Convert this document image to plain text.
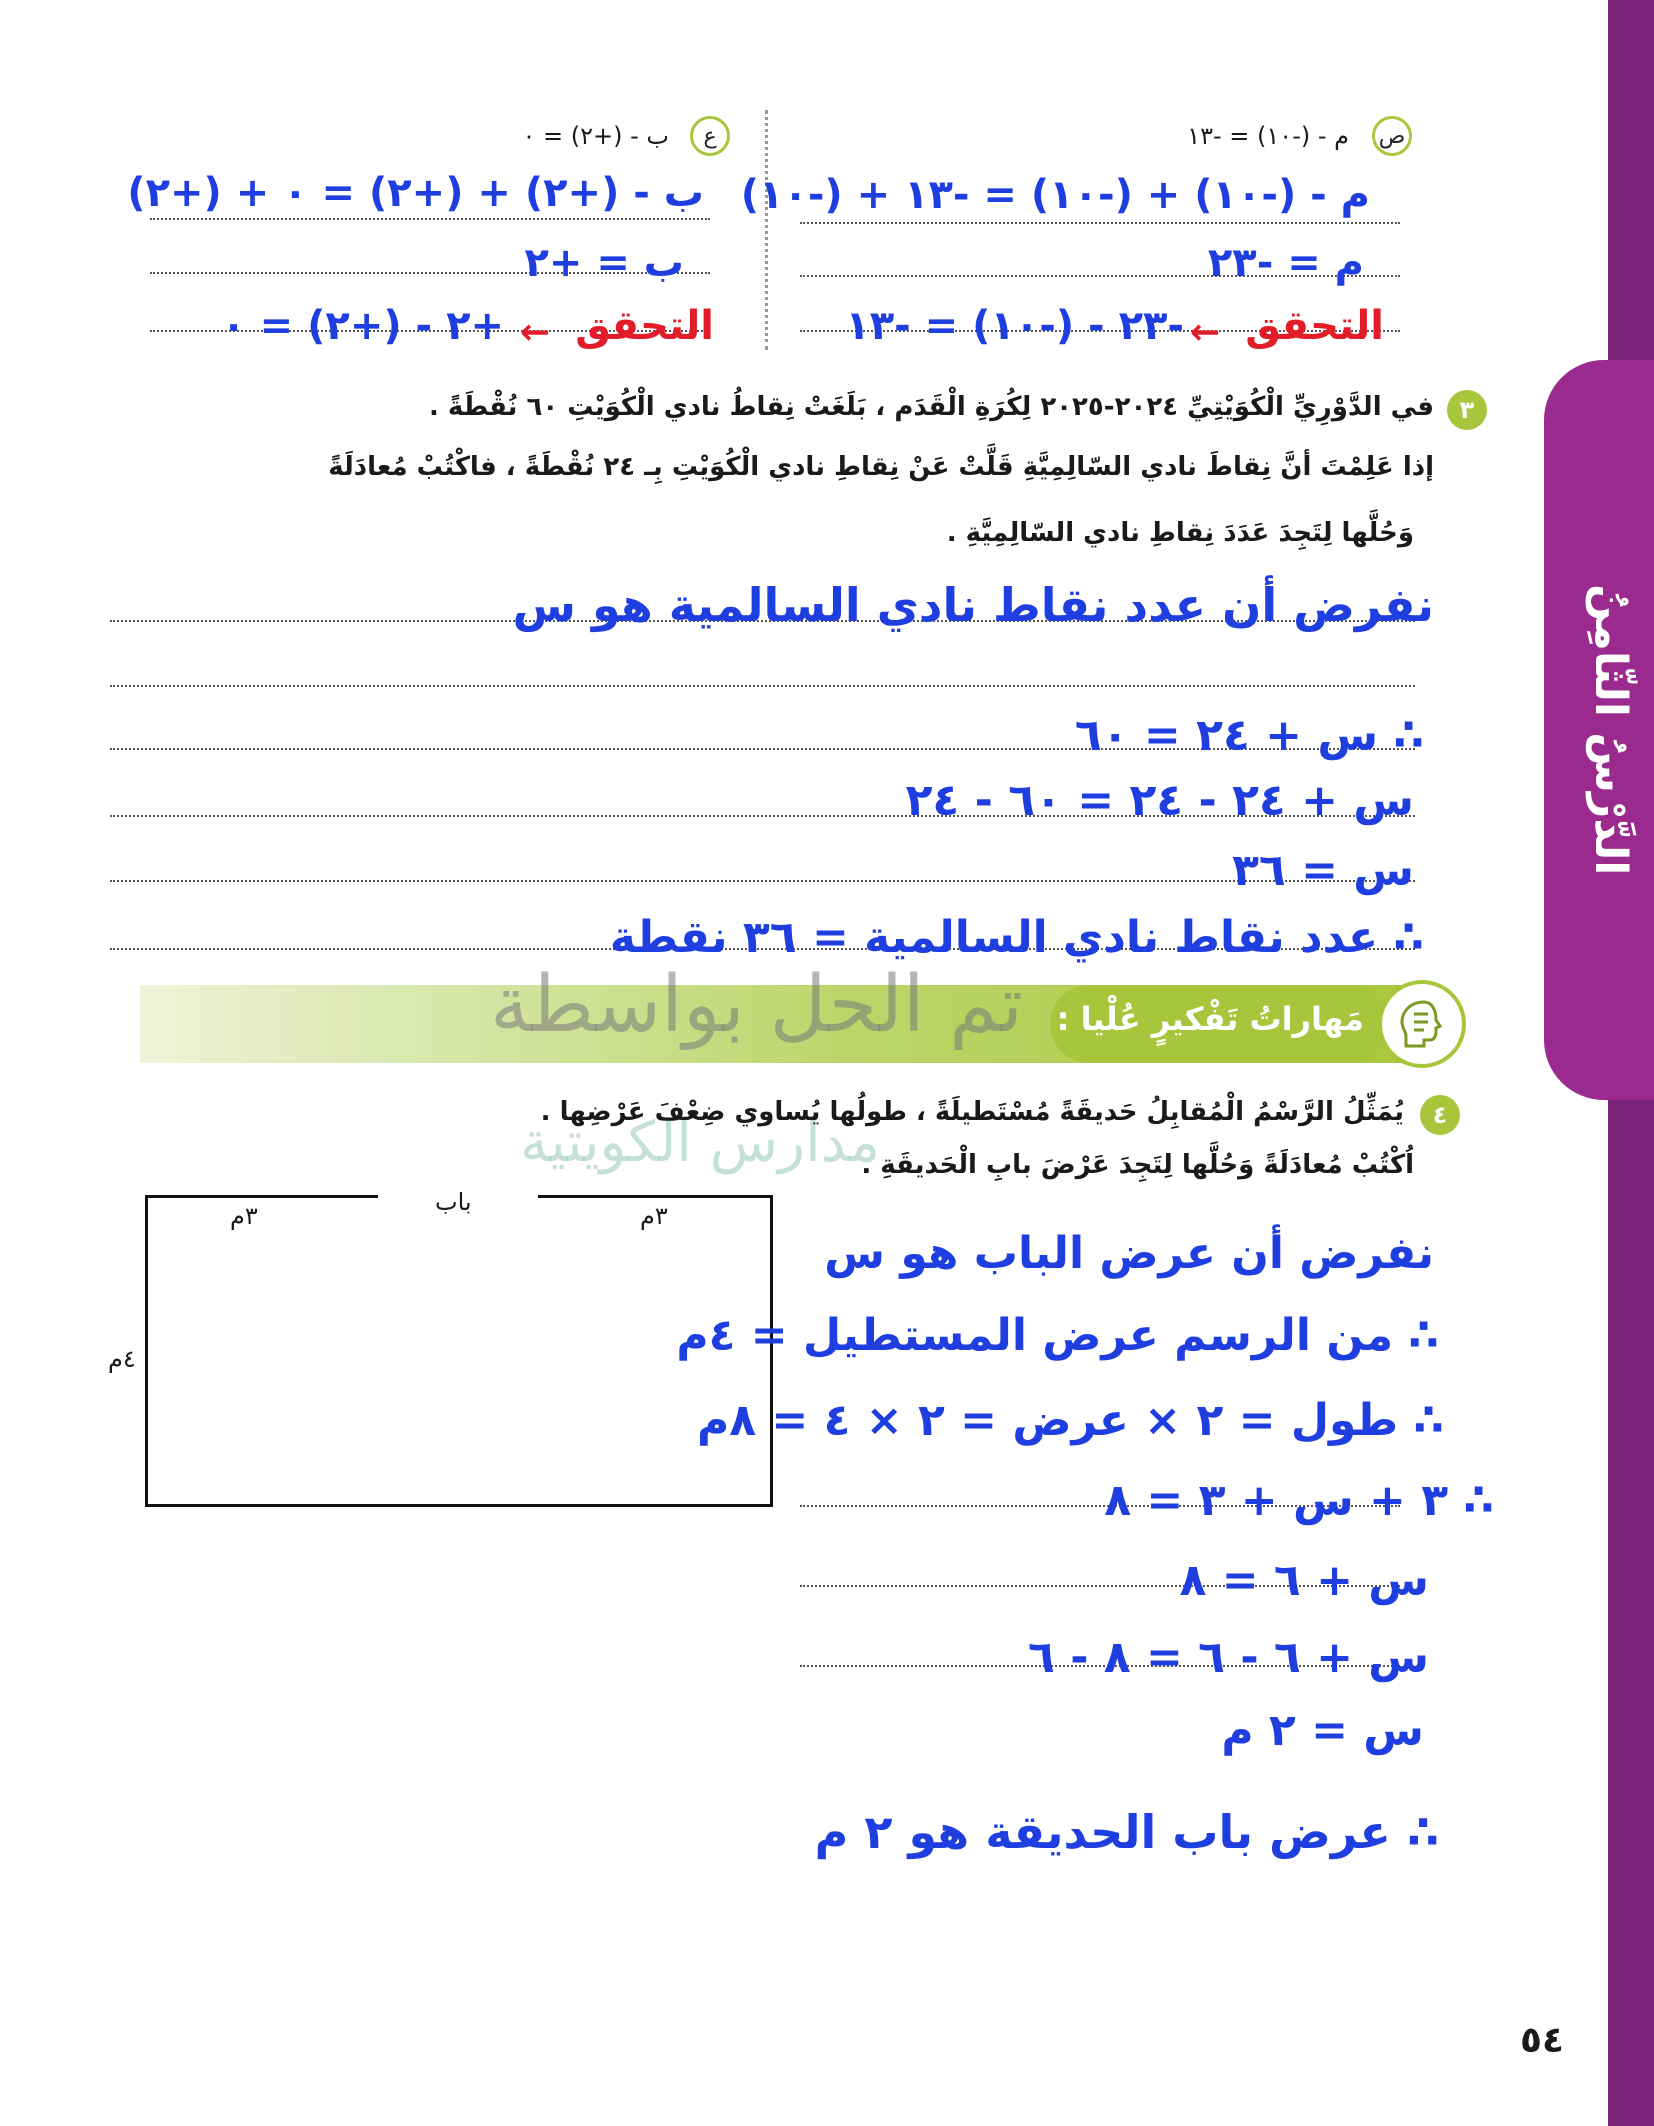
الدَّرْسُ الثّامِنُ
ص
م - (-١٠) = -١٣
ع
ب - (+٢) = ٠
م - (-١٠) + (-١٠) = -١٣ + (-١٠)
م = -٢٣
التحقق
←
-٢٣ - (-١٠) = -١٣
ب - (+٢) + (+٢) = ٠ + (+٢)
ب = +٢
التحقق
←
+٢ - (+٢) = ٠
٣
في الدَّوْرِيِّ الْكُوَيْتِيِّ ٢٠٢٤-٢٠٢٥ لِكُرَةِ الْقَدَم ، بَلَغَتْ نِقاطُ نادي الْكُوَيْتِ ٦٠ نُقْطَةً .
إذا عَلِمْتَ أنَّ نِقاطَ نادي السّالِمِيَّةِ قَلَّتْ عَنْ نِقاطِ نادي الْكُوَيْتِ بِـ ٢٤ نُقْطَةً ، فاكْتُبْ مُعادَلَةً
وَحُلَّها لِتَجِدَ عَدَدَ نِقاطِ نادي السّالِمِيَّةِ .
نفرض أن عدد نقاط نادي السالمية هو س
∴ س + ٢٤ = ٦٠
س + ٢٤ - ٢٤ = ٦٠ - ٢٤
س = ٣٦
∴ عدد نقاط نادي السالمية = ٣٦ نقطة
مَهاراتُ تَفْكيرٍ عُلْيا :
تم الحل بواسطة
مدارس الكويتية	٤
يُمَثِّلُ الرَّسْمُ الْمُقابِلُ حَديقَةً مُسْتَطيلَةً ، طولُها يُساوي ضِعْفَ عَرْضِها .
اُكْتُبْ مُعادَلَةً وَحُلَّها لِتَجِدَ عَرْضَ بابِ الْحَديقَةِ .
باب
٣م	٣م
٤م
نفرض أن عرض الباب هو س
∴ من الرسم عرض المستطيل = ٤م
∴ طول = ٢ × عرض = ٢ × ٤ = ٨م
∴ ٣ + س + ٣ = ٨
س + ٦ = ٨
س + ٦ - ٦ = ٨ - ٦
س = ٢ م
∴ عرض باب الحديقة هو ٢ م
٥٤
